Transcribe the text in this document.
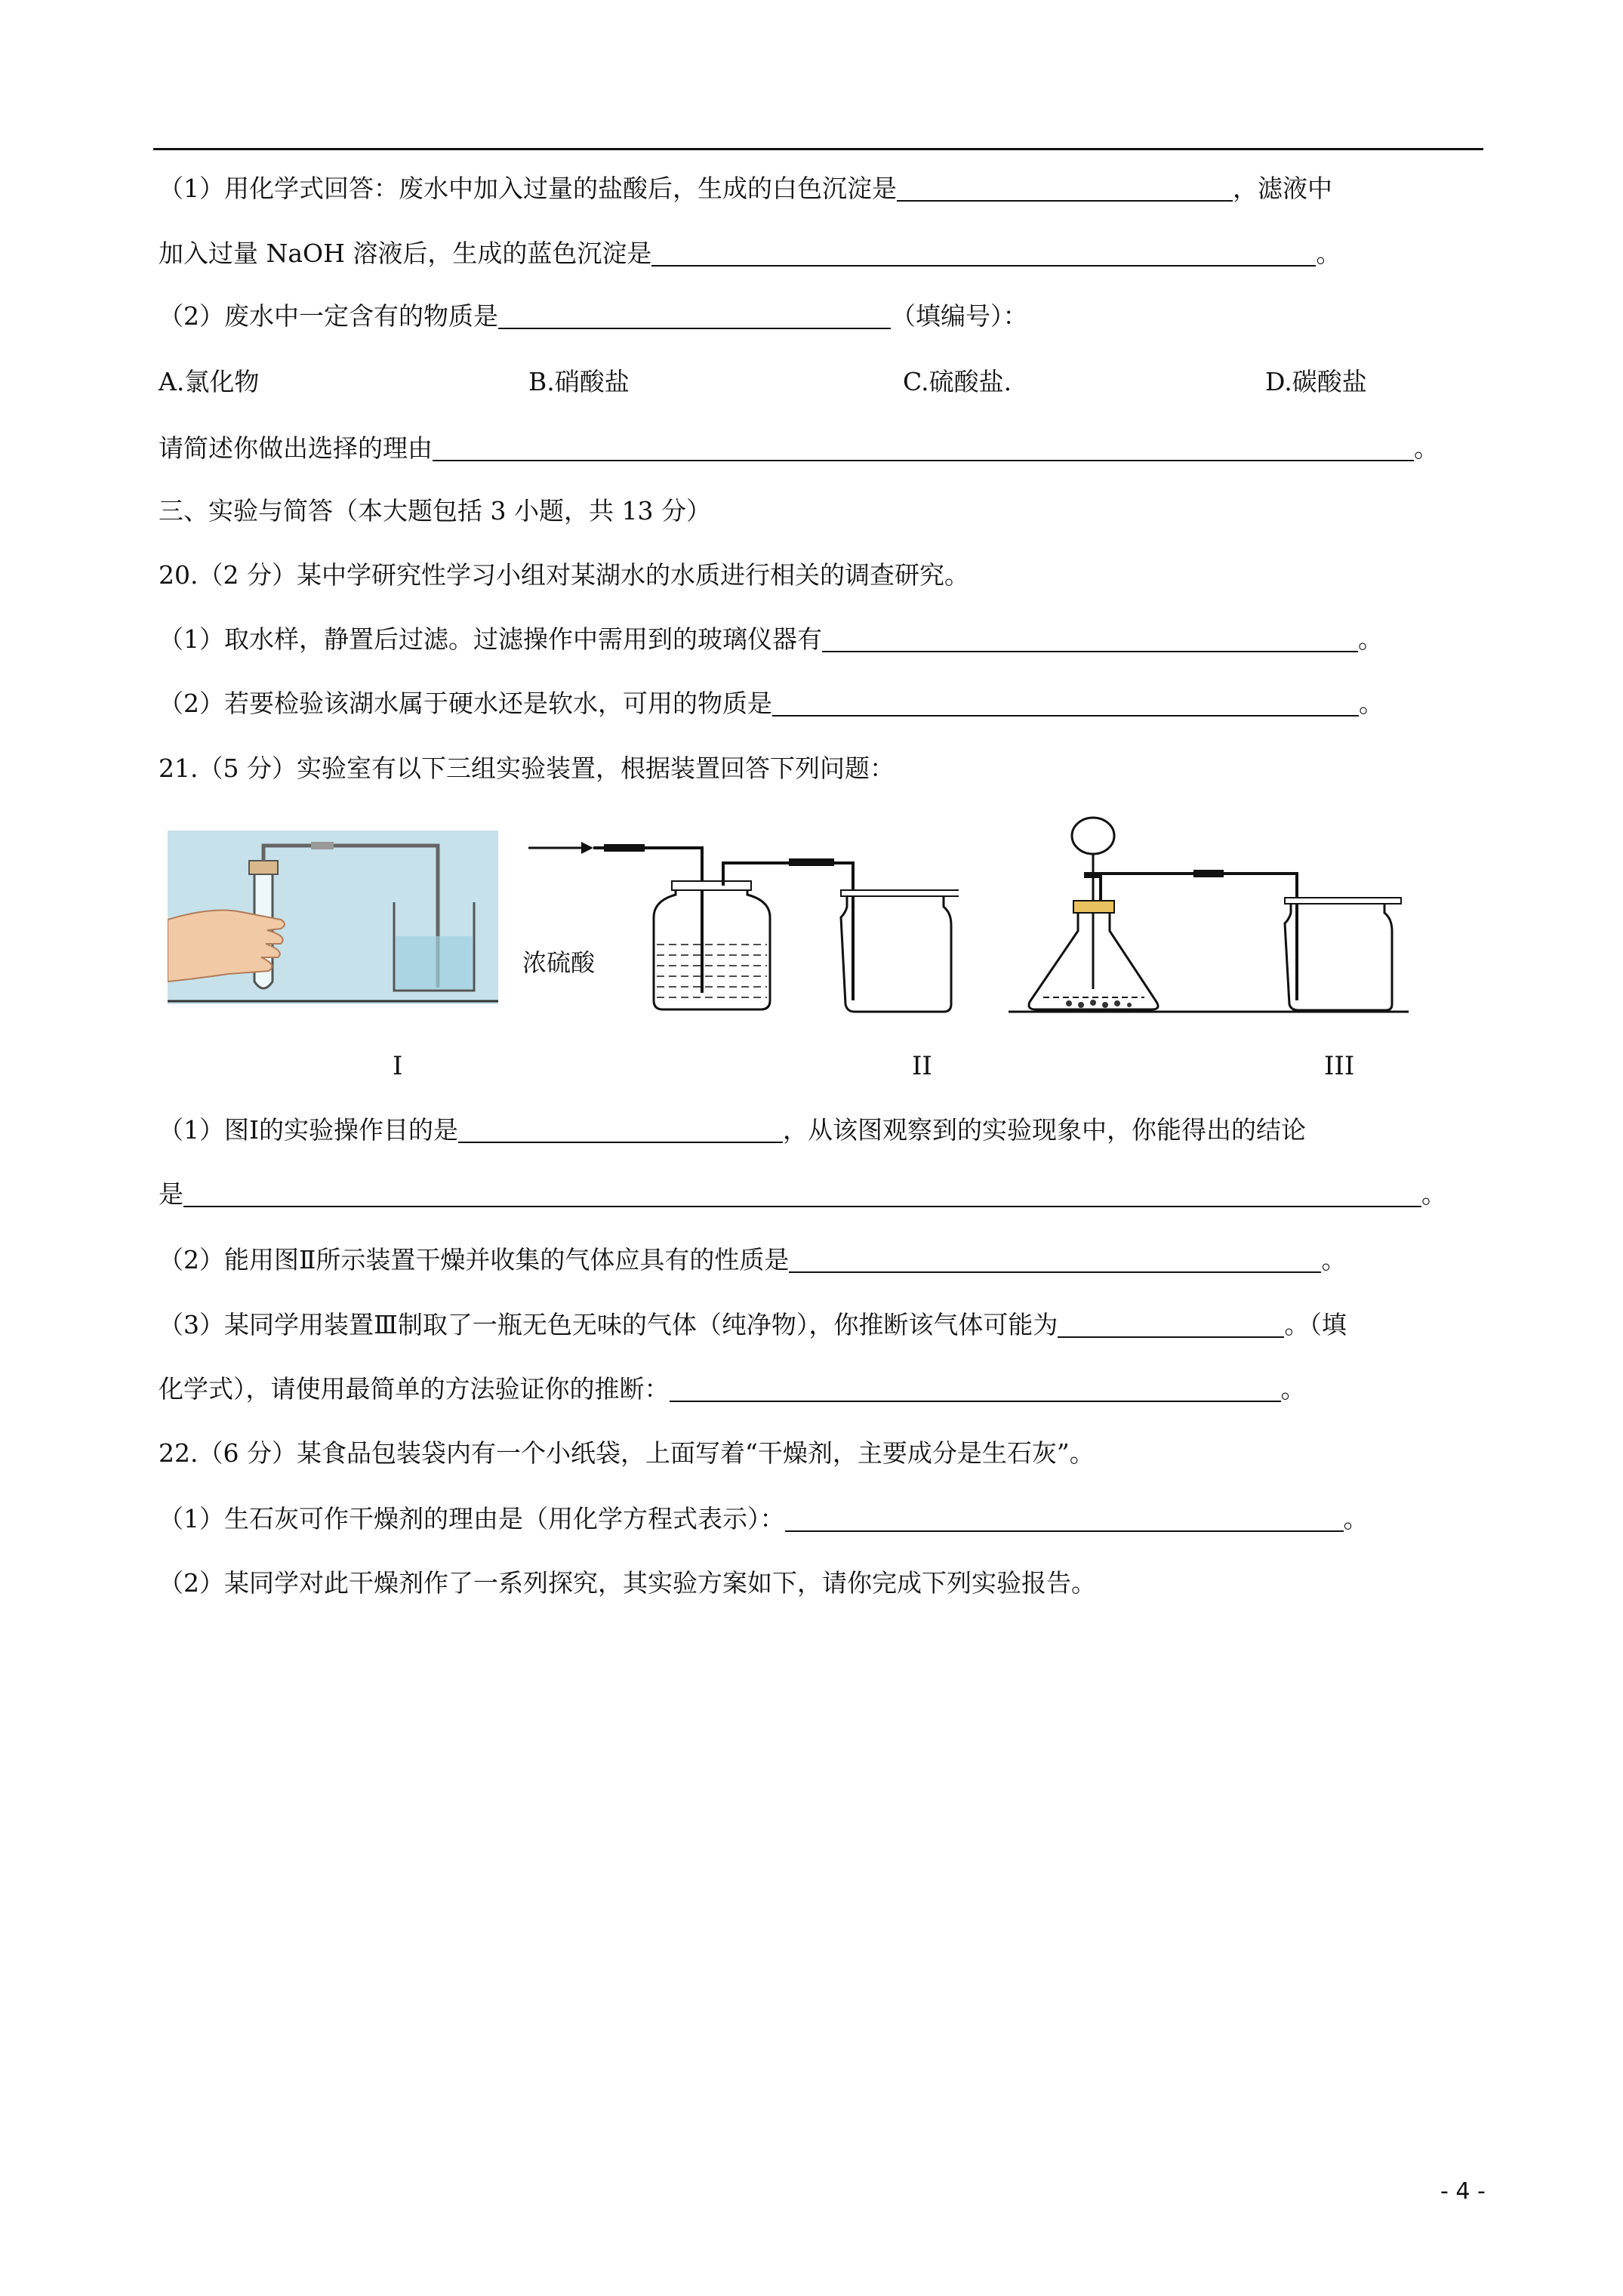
（1）用化学式回答：废水中加入过量的盐酸后，生成的白色沉淀是	，滤液中
加入过量 NaOH 溶液后，生成的蓝色沉淀是	。
（2）废水中一定含有的物质是	（填编号）：
A.氯化物	B.硝酸盐	C.硫酸盐.	D.碳酸盐
请简述你做出选择的理由	。
三、实验与简答（本大题包括 3 小题，共 13 分）
20.（2 分）某中学研究性学习小组对某湖水的水质进行相关的调查研究。
（1）取水样，静置后过滤。过滤操作中需用到的玻璃仪器有	。
（2）若要检验该湖水属于硬水还是软水，可用的物质是	。
21.（5 分）实验室有以下三组实验装置，根据装置回答下列问题：
浓硫酸
I	II	III
（1）图Ⅰ的实验操作目的是	，从该图观察到的实验现象中，你能得出的结论
是	。
（2）能用图Ⅱ所示装置干燥并收集的气体应具有的性质是	。
（3）某同学用装置Ⅲ制取了一瓶无色无味的气体（纯净物），你推断该气体可能为	。（填
化学式），请使用最简单的方法验证你的推断：	。
22.（6 分）某食品包装袋内有一个小纸袋，上面写着“干燥剂，主要成分是生石灰”。
（1）生石灰可作干燥剂的理由是（用化学方程式表示）：	。
（2）某同学对此干燥剂作了一系列探究，其实验方案如下，请你完成下列实验报告。
- 4 -
